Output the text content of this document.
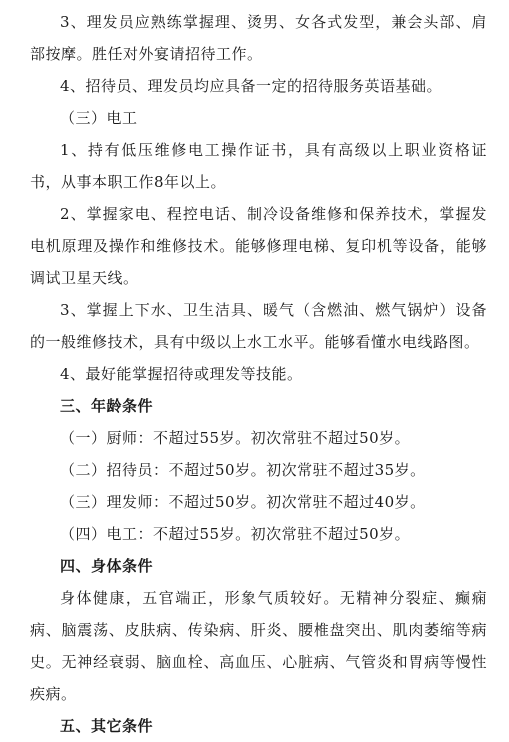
3、理发员应熟练掌握理、烫男、女各式发型，兼会头部、肩部按摩。胜任对外宴请招待工作。

4、招待员、理发员均应具备一定的招待服务英语基础。

（三）电工

1、持有低压维修电工操作证书，具有高级以上职业资格证书，从事本职工作8年以上。

2、掌握家电、程控电话、制冷设备维修和保养技术，掌握发电机原理及操作和维修技术。能够修理电梯、复印机等设备，能够调试卫星天线。

3、掌握上下水、卫生洁具、暖气（含燃油、燃气锅炉）设备的一般维修技术，具有中级以上水工水平。能够看懂水电线路图。

4、最好能掌握招待或理发等技能。

三、年龄条件

（一）厨师：不超过55岁。初次常驻不超过50岁。

（二）招待员：不超过50岁。初次常驻不超过35岁。

（三）理发师：不超过50岁。初次常驻不超过40岁。

（四）电工：不超过55岁。初次常驻不超过50岁。

四、身体条件

身体健康，五官端正，形象气质较好。无精神分裂症、癫痫病、脑震荡、皮肤病、传染病、肝炎、腰椎盘突出、肌肉萎缩等病史。无神经衰弱、脑血栓、高血压、心脏病、气管炎和胃病等慢性疾病。

五、其它条件
